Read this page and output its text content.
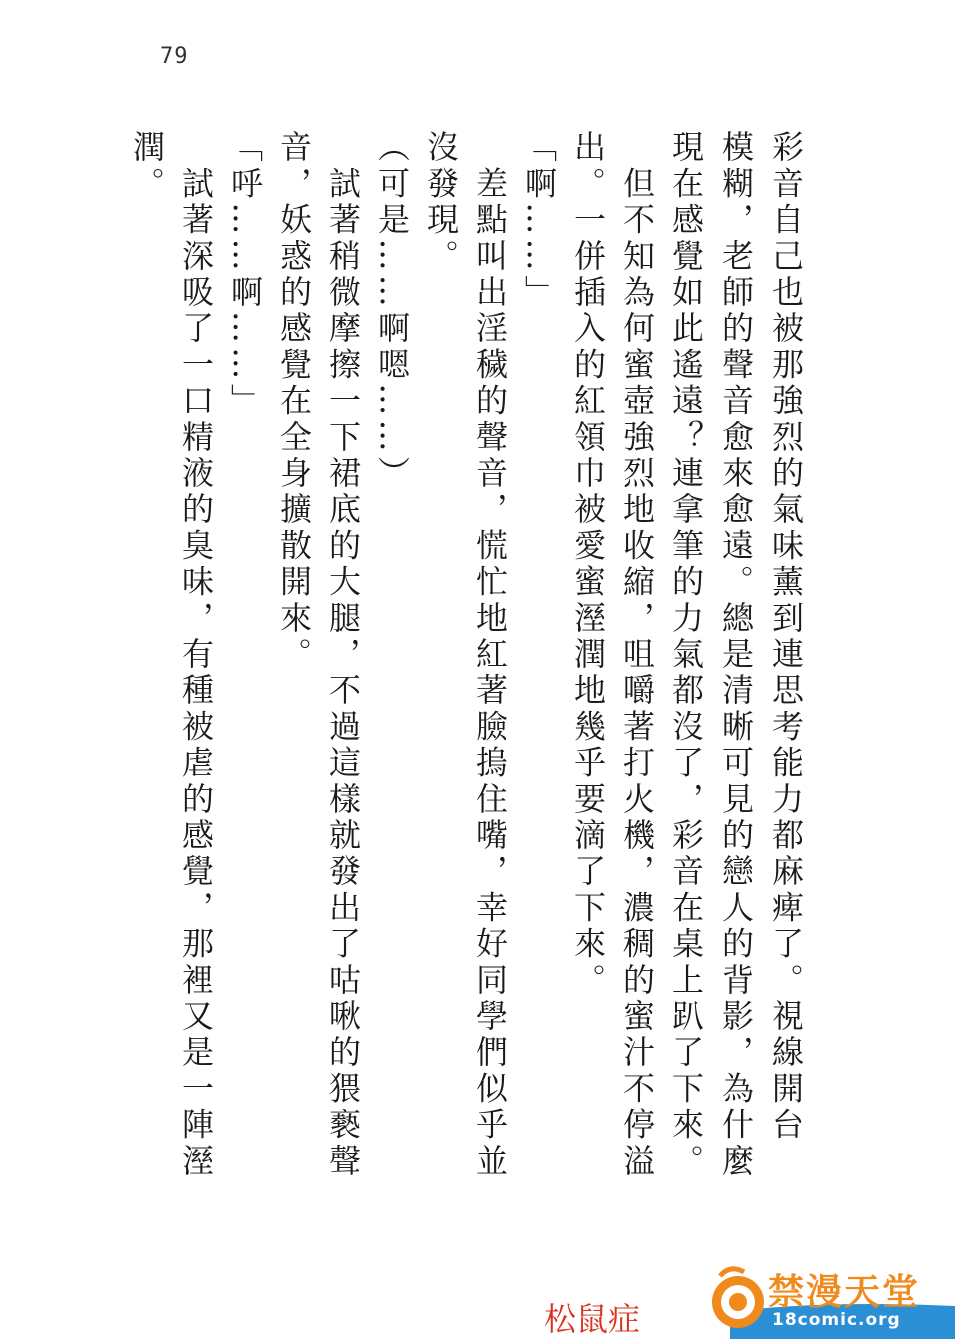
79
彩音自己也被那強烈的氣味薰到連思考能力都麻痺了。視線開台
模糊，老師的聲音愈來愈遠。總是清晰可見的戀人的背影，為什麼
現在感覺如此遙遠？連拿筆的力氣都沒了，彩音在桌上趴了下來。
　但不知為何蜜壺強烈地收縮，咀嚼著打火機，濃稠的蜜汁不停溢
出。一併插入的紅領巾被愛蜜溼潤地幾乎要滴了下來。
「啊……」
　差點叫出淫穢的聲音，慌忙地紅著臉摀住嘴，幸好同學們似乎並
沒發現。
（可是……啊嗯……）
　試著稍微摩擦一下裙底的大腿，不過這樣就發出了咕啾的猥褻聲
音，妖惑的感覺在全身擴散開來。
「呼……啊……」
　試著深吸了一口精液的臭味，有種被虐的感覺，那裡又是一陣溼
潤。
松鼠症
禁漫天堂
18comic.org
